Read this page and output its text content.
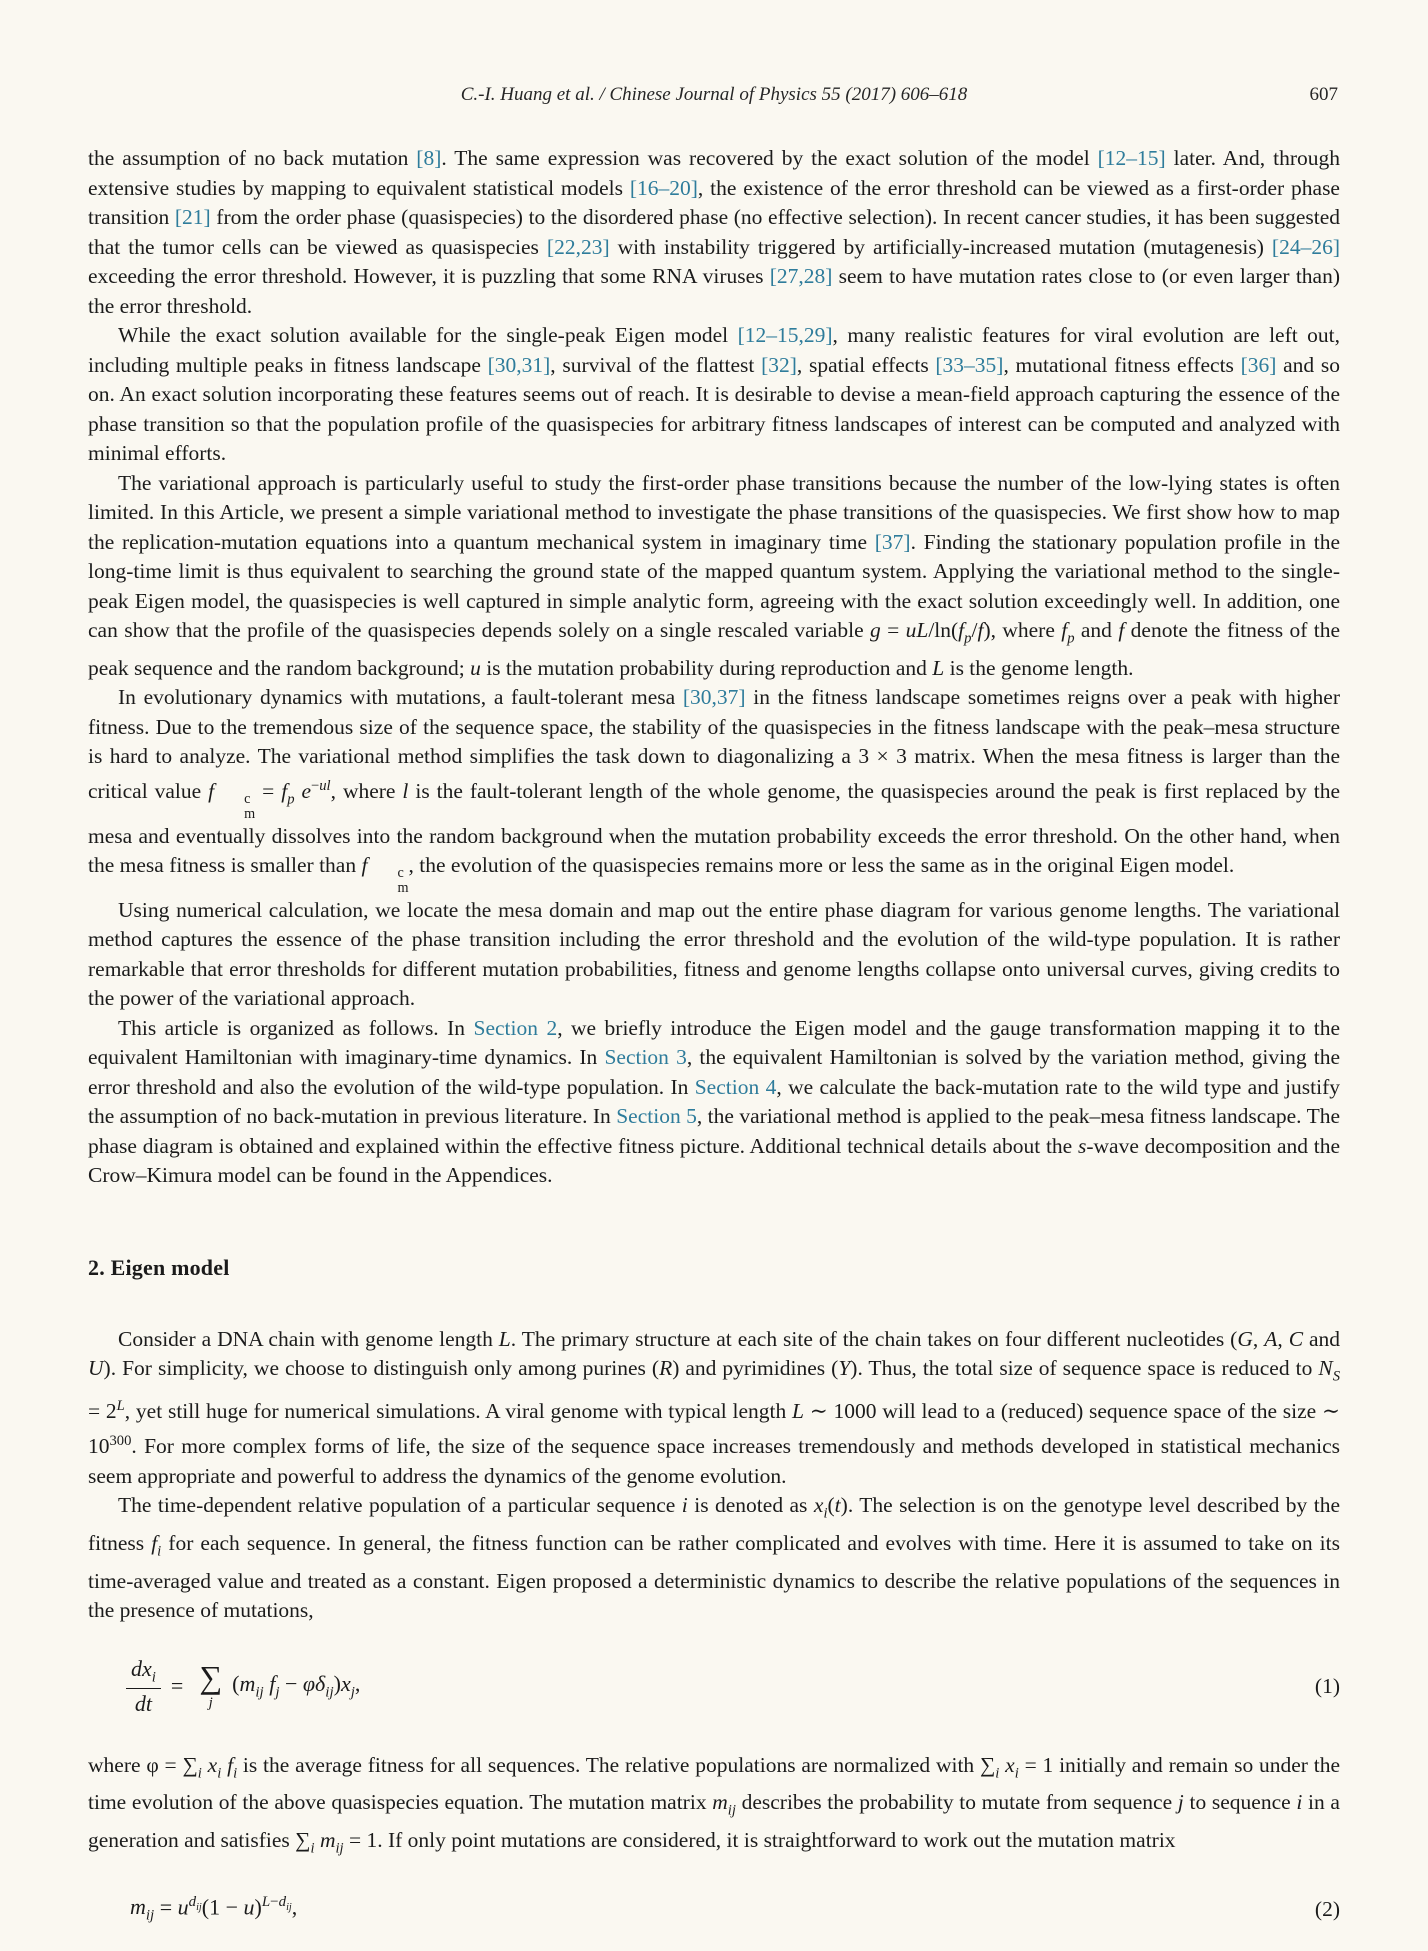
C.-I. Huang et al. / Chinese Journal of Physics 55 (2017) 606–618	607

the assumption of no back mutation [8]. The same expression was recovered by the exact solution of the model [12–15] later. And, through extensive studies by mapping to equivalent statistical models [16–20], the existence of the error threshold can be viewed as a first-order phase transition [21] from the order phase (quasispecies) to the disordered phase (no effective selection). In recent cancer studies, it has been suggested that the tumor cells can be viewed as quasispecies [22,23] with instability triggered by artificially-increased mutation (mutagenesis) [24–26] exceeding the error threshold. However, it is puzzling that some RNA viruses [27,28] seem to have mutation rates close to (or even larger than) the error threshold.

While the exact solution available for the single-peak Eigen model [12–15,29], many realistic features for viral evolution are left out, including multiple peaks in fitness landscape [30,31], survival of the flattest [32], spatial effects [33–35], mutational fitness effects [36] and so on. An exact solution incorporating these features seems out of reach. It is desirable to devise a mean-field approach capturing the essence of the phase transition so that the population profile of the quasispecies for arbitrary fitness landscapes of interest can be computed and analyzed with minimal efforts.

The variational approach is particularly useful to study the first-order phase transitions because the number of the low-lying states is often limited. In this Article, we present a simple variational method to investigate the phase transitions of the quasispecies. We first show how to map the replication-mutation equations into a quantum mechanical system in imaginary time [37]. Finding the stationary population profile in the long-time limit is thus equivalent to searching the ground state of the mapped quantum system. Applying the variational method to the single-peak Eigen model, the quasispecies is well captured in simple analytic form, agreeing with the exact solution exceedingly well. In addition, one can show that the profile of the quasispecies depends solely on a single rescaled variable $g = uL/\ln(f_p/f)$, where $f_p$ and f denote the fitness of the peak sequence and the random background; u is the mutation probability during reproduction and L is the genome length.

In evolutionary dynamics with mutations, a fault-tolerant mesa [30,37] in the fitness landscape sometimes reigns over a peak with higher fitness. Due to the tremendous size of the sequence space, the stability of the quasispecies in the fitness landscape with the peak–mesa structure is hard to analyze. The variational method simplifies the task down to diagonalizing a 3 × 3 matrix. When the mesa fitness is larger than the critical value f	c
m
= $f_p$ $e^{-ul}$, where l is the fault-tolerant length of the whole genome, the quasispecies around the peak is first replaced by the mesa and eventually dissolves into the random background when the mutation probability exceeds the error threshold. On the other hand, when the mesa fitness is smaller than f	c
m
, the evolution of the quasispecies remains more or less the same as in the original Eigen model.

Using numerical calculation, we locate the mesa domain and map out the entire phase diagram for various genome lengths. The variational method captures the essence of the phase transition including the error threshold and the evolution of the wild-type population. It is rather remarkable that error thresholds for different mutation probabilities, fitness and genome lengths collapse onto universal curves, giving credits to the power of the variational approach.

This article is organized as follows. In Section 2, we briefly introduce the Eigen model and the gauge transformation mapping it to the equivalent Hamiltonian with imaginary-time dynamics. In Section 3, the equivalent Hamiltonian is solved by the variation method, giving the error threshold and also the evolution of the wild-type population. In Section 4, we calculate the back-mutation rate to the wild type and justify the assumption of no back-mutation in previous literature. In Section 5, the variational method is applied to the peak–mesa fitness landscape. The phase diagram is obtained and explained within the effective fitness picture. Additional technical details about the s-wave decomposition and the Crow–Kimura model can be found in the Appendices.

2. Eigen model

Consider a DNA chain with genome length L. The primary structure at each site of the chain takes on four different nucleotides (G, A, C and U). For simplicity, we choose to distinguish only among purines (R) and pyrimidines (Y). Thus, the total size of sequence space is reduced to $N_S = 2^L$, yet still huge for numerical simulations. A viral genome with typical length L ∼ 1000 will lead to a (reduced) sequence space of the size ∼ $10^{300}$. For more complex forms of life, the size of the sequence space increases tremendously and methods developed in statistical mechanics seem appropriate and powerful to address the dynamics of the genome evolution.

The time-dependent relative population of a particular sequence i is denoted as $x_i(t)$. The selection is on the genotype level described by the fitness $f_i$ for each sequence. In general, the fitness function can be rather complicated and evolves with time. Here it is assumed to take on its time-averaged value and treated as a constant. Eigen proposed a deterministic dynamics to describe the relative populations of the sequences in the presence of mutations,

$\frac{dx_i}{dt}$ = ∑
j
($m_{ij}$ $f_j - \varphi\delta_{ij})x_j$,	(1)

where $\varphi = \sum_i$ $x_i$ $f_i$ is the average fitness for all sequences. The relative populations are normalized with $\sum_i$ $x_i = 1$ initially and remain so under the time evolution of the above quasispecies equation. The mutation matrix $m_{ij}$ describes the probability to mutate from sequence j to sequence i in a generation and satisfies $\sum_i$ $m_{ij} = 1$. If only point mutations are considered, it is straightforward to work out the mutation matrix

$m_{ij} = u^{d_{ij}}(1 - u)^{L-d_{ij}}$,	(2)
